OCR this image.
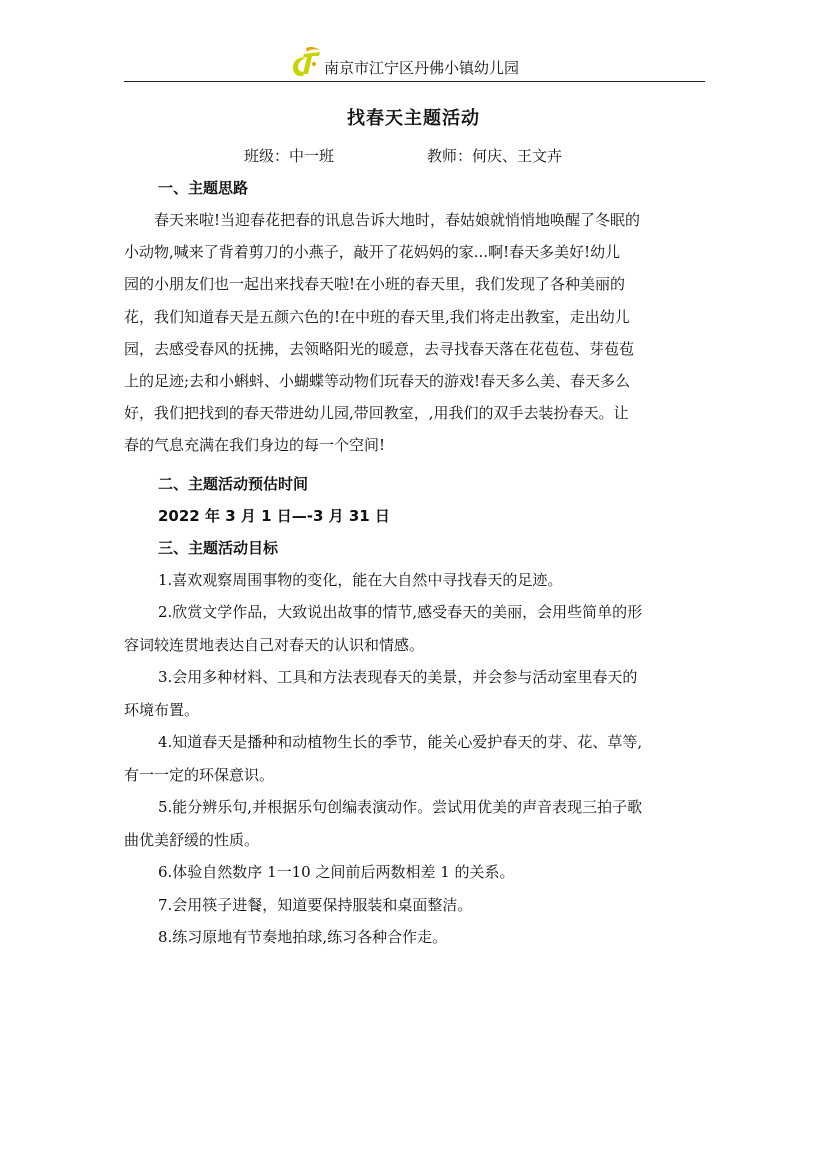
南京市江宁区丹佛小镇幼儿园
找春天主题活动
班级：中一班	教师：何庆、王文卉
一、主题思路
春天来啦!当迎春花把春的讯息告诉大地时，春姑娘就悄悄地唤醒了冬眠的
小动物,喊来了背着剪刀的小燕子，敲开了花妈妈的家...啊!春天多美好!幼儿
园的小朋友们也一起出来找春天啦!在小班的春天里，我们发现了各种美丽的
花，我们知道春天是五颜六色的!在中班的春天里,我们将走出教室，走出幼儿
园，去感受春风的抚拂，去领略阳光的暖意，去寻找春天落在花苞苞、芽苞苞
上的足迹;去和小蝌蚪、小蝴蝶等动物们玩春天的游戏!春天多么美、春天多么
好，我们把找到的春天带进幼儿园,带回教室，,用我们的双手去装扮春天。让
春的气息充满在我们身边的每一个空间!
二、主题活动预估时间
2022 年 3 月 1 日—-3 月 31 日
三、主题活动目标
1.喜欢观察周围事物的变化，能在大自然中寻找春天的足迹。
2.欣赏文学作品，大致说出故事的情节,感受春天的美丽，会用些简单的形
容词较连贯地表达自己对春天的认识和情感。
3.会用多种材料、工具和方法表现春天的美景，并会参与活动室里春天的
环境布置。
4.知道春天是播种和动植物生长的季节，能关心爱护春天的芽、花、草等,
有一一定的环保意识。
5.能分辨乐句,并根据乐句创编表演动作。尝试用优美的声音表现三拍子歌
曲优美舒缓的性质。
6.体验自然数序 1一10 之间前后两数相差 1 的关系。
7.会用筷子进餐，知道要保持服装和桌面整洁。
8.练习原地有节奏地拍球,练习各种合作走。
